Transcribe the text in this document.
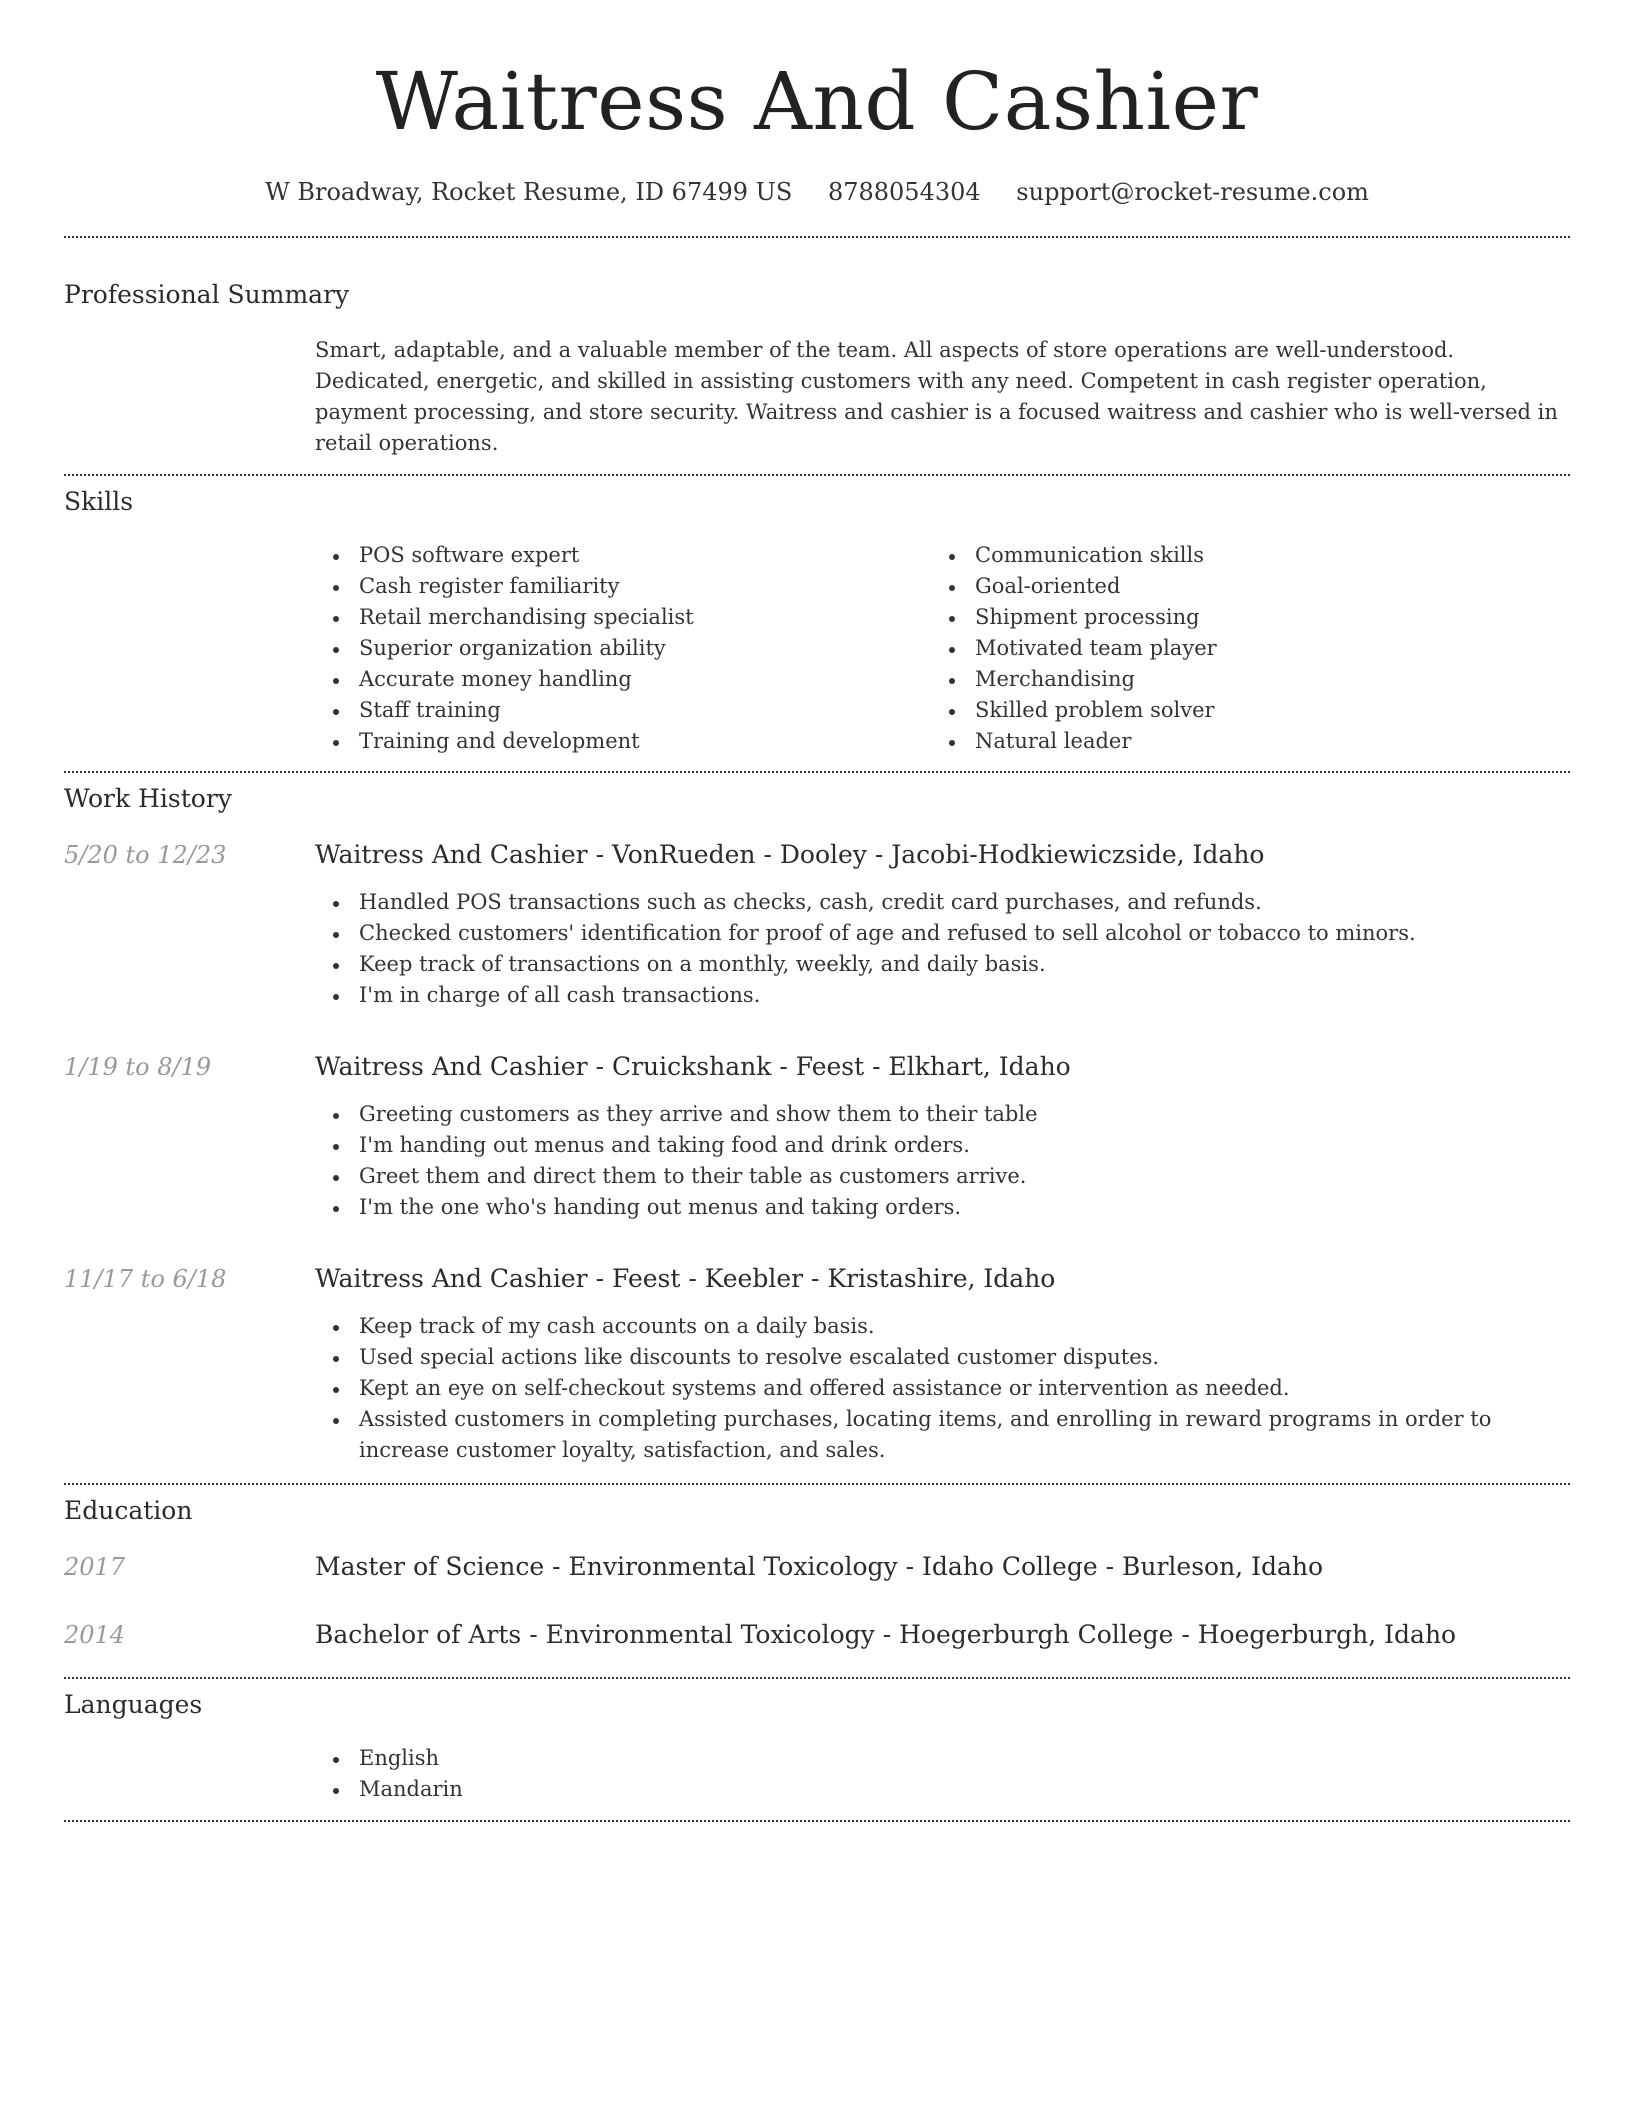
Waitress And Cashier
W Broadway, Rocket Resume, ID 67499 US 8788054304 support@rocket-resume.com
Professional Summary

Smart, adaptable, and a valuable member of the team. All aspects of store operations are well-understood. Dedicated, energetic, and skilled in assisting customers with any need. Competent in cash register operation, payment processing, and store security. Waitress and cashier is a focused waitress and cashier who is well-versed in retail operations.

Skills
POS software expert
Cash register familiarity
Retail merchandising specialist
Superior organization ability
Accurate money handling
Staff training
Training and development
Communication skills
Goal-oriented
Shipment processing
Motivated team player
Merchandising
Skilled problem solver
Natural leader
Work History
5/20 to 12/23	Waitress And Cashier - VonRueden - Dooley - Jacobi-Hodkiewiczside, Idaho
Handled POS transactions such as checks, cash, credit card purchases, and refunds.
Checked customers' identification for proof of age and refused to sell alcohol or tobacco to minors.
Keep track of transactions on a monthly, weekly, and daily basis.
I'm in charge of all cash transactions.
1/19 to 8/19	Waitress And Cashier - Cruickshank - Feest - Elkhart, Idaho
Greeting customers as they arrive and show them to their table
I'm handing out menus and taking food and drink orders.
Greet them and direct them to their table as customers arrive.
I'm the one who's handing out menus and taking orders.
11/17 to 6/18	Waitress And Cashier - Feest - Keebler - Kristashire, Idaho
Keep track of my cash accounts on a daily basis.
Used special actions like discounts to resolve escalated customer disputes.
Kept an eye on self-checkout systems and offered assistance or intervention as needed.
Assisted customers in completing purchases, locating items, and enrolling in reward programs in order to increase customer loyalty, satisfaction, and sales.
Education
2017	Master of Science - Environmental Toxicology - Idaho College - Burleson, Idaho
2014	Bachelor of Arts - Environmental Toxicology - Hoegerburgh College - Hoegerburgh, Idaho
Languages
English
Mandarin
